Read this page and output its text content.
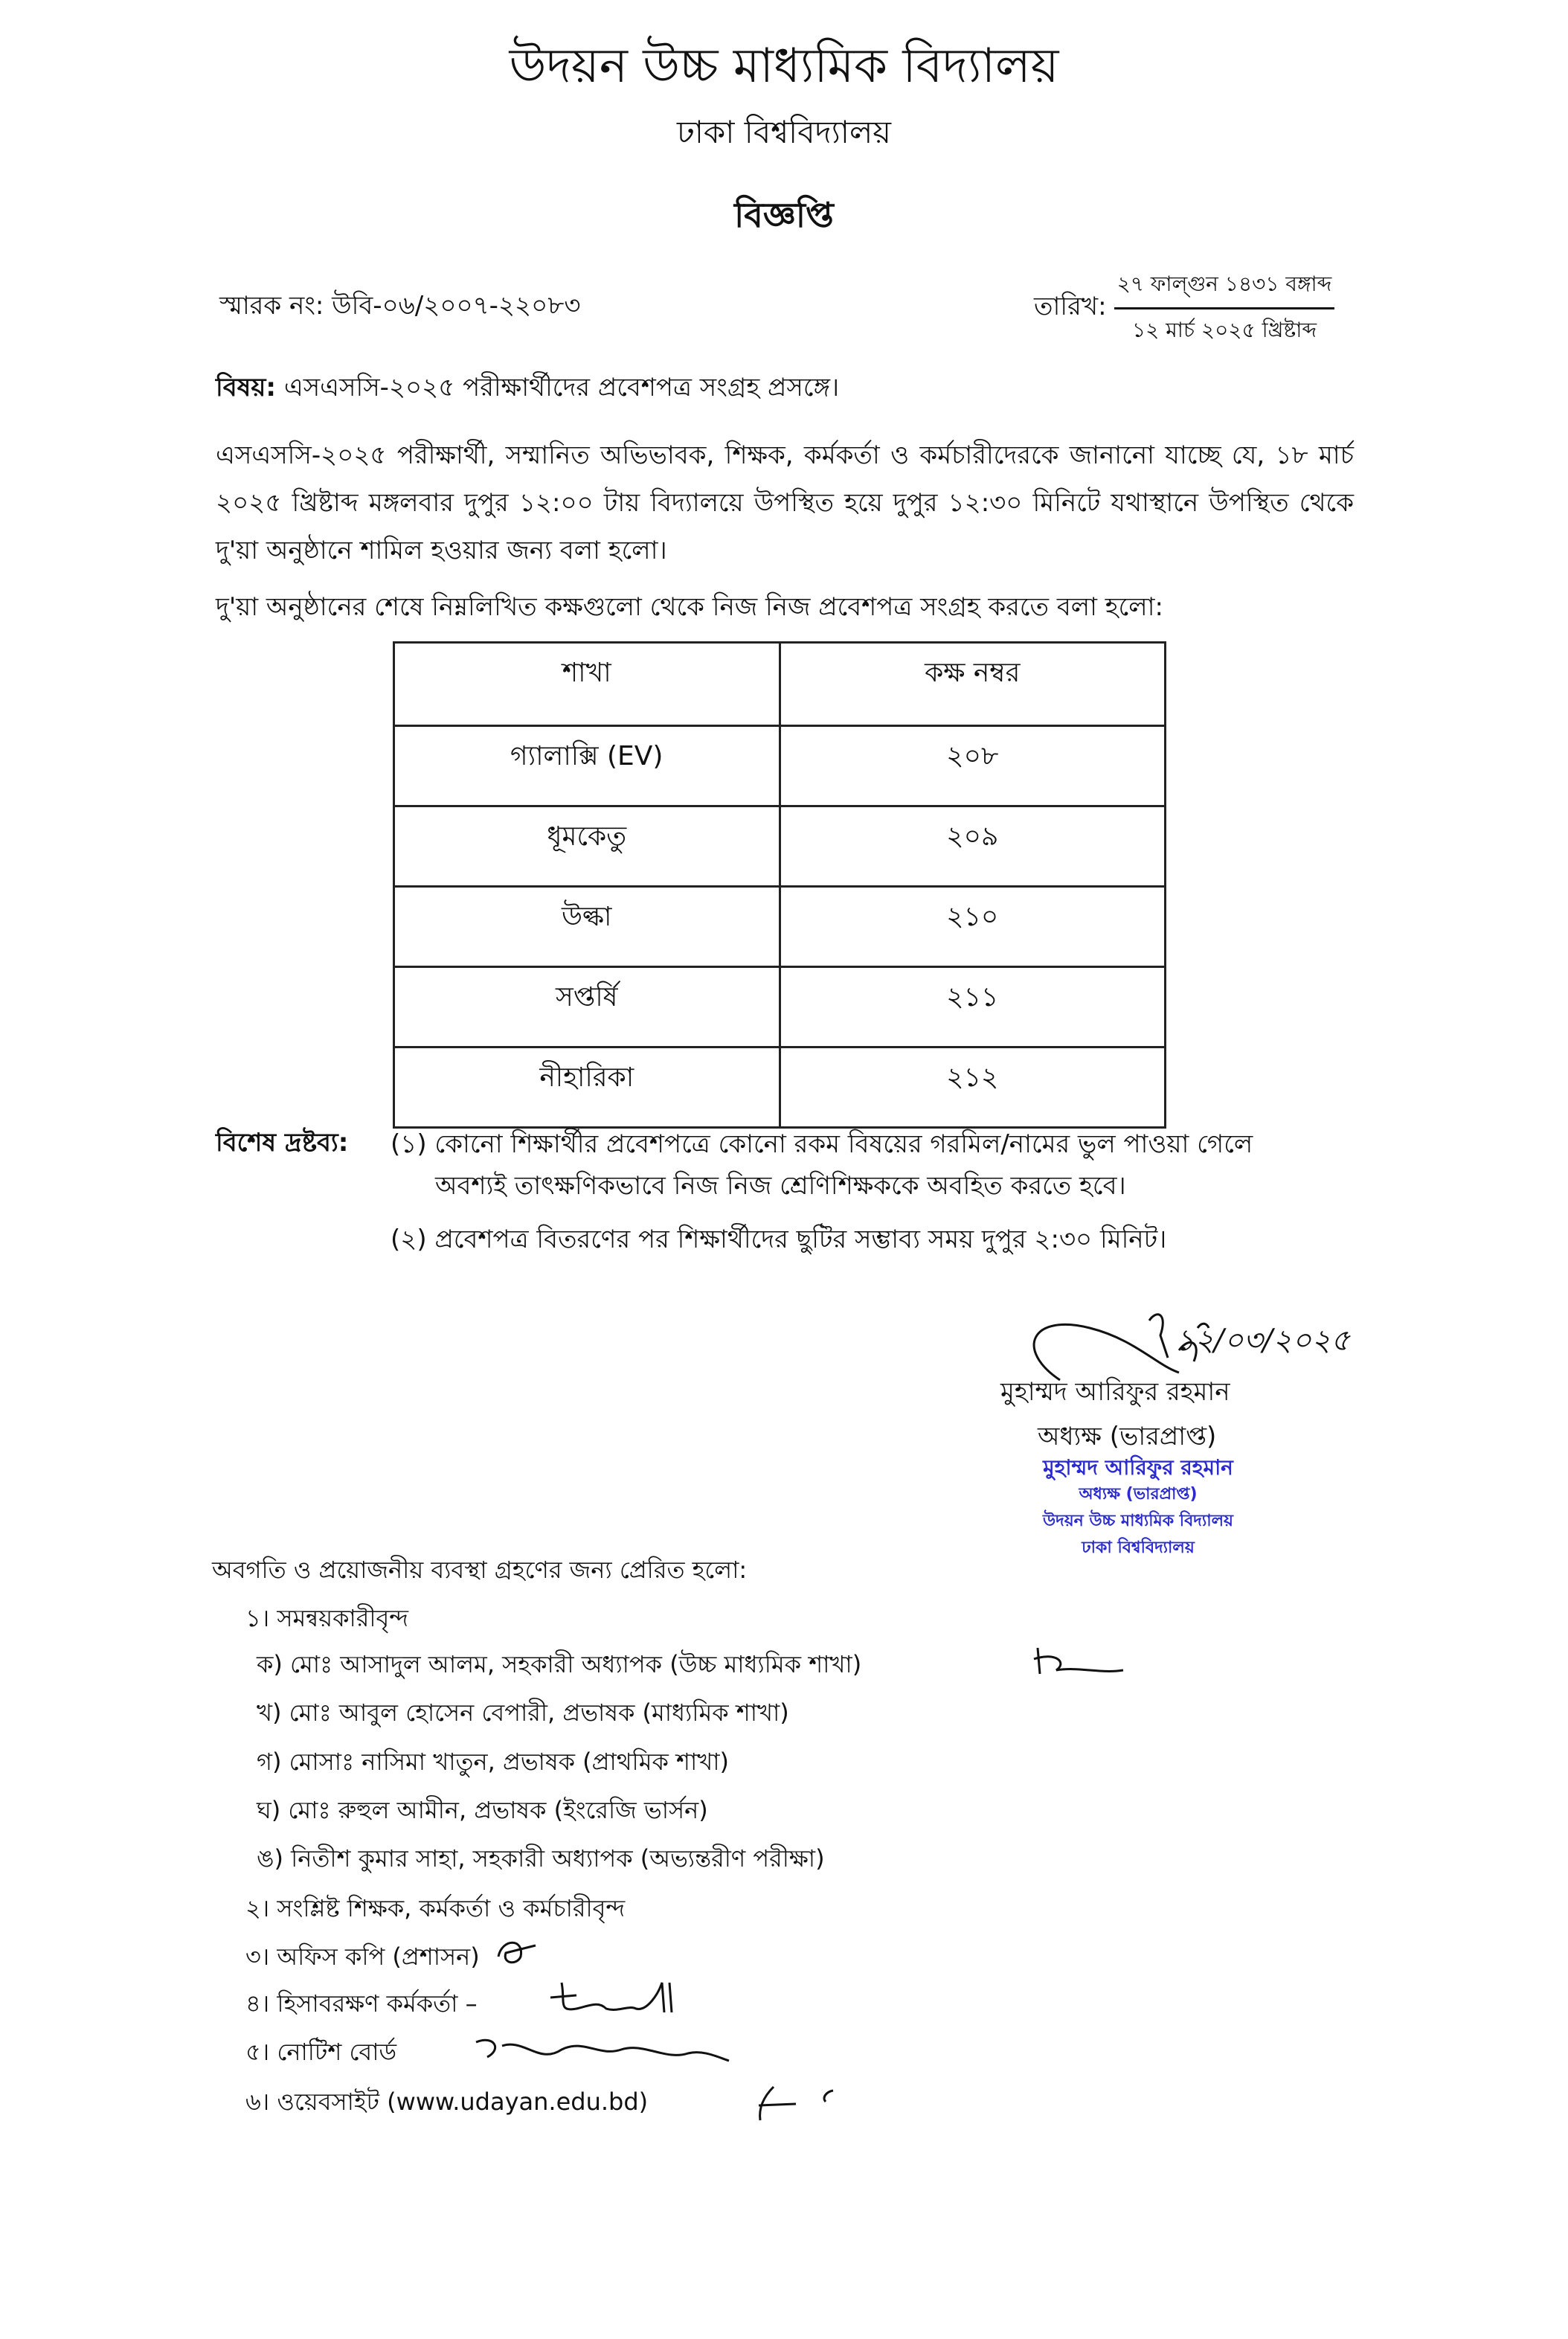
উদয়ন উচ্চ মাধ্যমিক বিদ্যালয়
ঢাকা বিশ্ববিদ্যালয়
বিজ্ঞপ্তি
স্মারক নং: উবি-০৬/২০০৭-২২০৮৩	তারিখ: $\frac{\text{২৭ ফাল্গুন ১৪৩১ বঙ্গাব্দ}}{\text{১২ মার্চ ২০২৫ খ্রিষ্টাব্দ}}$
বিষয়: এসএসসি-২০২৫ পরীক্ষার্থীদের প্রবেশপত্র সংগ্রহ প্রসঙ্গে।
এসএসসি-২০২৫ পরীক্ষার্থী, সম্মানিত অভিভাবক, শিক্ষক, কর্মকর্তা ও কর্মচারীদেরকে জানানো যাচ্ছে যে, ১৮ মার্চ ২০২৫ খ্রিষ্টাব্দ মঙ্গলবার দুপুর ১২:০০ টায় বিদ্যালয়ে উপস্থিত হয়ে দুপুর ১২:৩০ মিনিটে যথাস্থানে উপস্থিত থেকে দু'য়া অনুষ্ঠানে শামিল হওয়ার জন্য বলা হলো।
দু'য়া অনুষ্ঠানের শেষে নিম্নলিখিত কক্ষগুলো থেকে নিজ নিজ প্রবেশপত্র সংগ্রহ করতে বলা হলো:
শাখা	কক্ষ নম্বর
গ্যালাক্সি (EV)	২০৮
ধূমকেতু	২০৯
উল্কা	২১০
সপ্তর্ষি	২১১
নীহারিকা	২১২
বিশেষ দ্রষ্টব্য: (১) কোনো শিক্ষার্থীর প্রবেশপত্রে কোনো রকম বিষয়ের গরমিল/নামের ভুল পাওয়া গেলে
অবশ্যই তাৎক্ষণিকভাবে নিজ নিজ শ্রেণিশিক্ষককে অবহিত করতে হবে।
(২) প্রবেশপত্র বিতরণের পর শিক্ষার্থীদের ছুটির সম্ভাব্য সময় দুপুর ২:৩০ মিনিট।
১২/০৩/২০২৫
মুহাম্মদ আরিফুর রহমান
অধ্যক্ষ (ভারপ্রাপ্ত)
মুহাম্মদ আরিফুর রহমান
অধ্যক্ষ (ভারপ্রাপ্ত)
উদয়ন উচ্চ মাধ্যমিক বিদ্যালয়
ঢাকা বিশ্ববিদ্যালয়
অবগতি ও প্রয়োজনীয় ব্যবস্থা গ্রহণের জন্য প্রেরিত হলো:
১। সমন্বয়কারীবৃন্দ
ক) মোঃ আসাদুল আলম, সহকারী অধ্যাপক (উচ্চ মাধ্যমিক শাখা)
খ) মোঃ আবুল হোসেন বেপারী, প্রভাষক (মাধ্যমিক শাখা)
গ) মোসাঃ নাসিমা খাতুন, প্রভাষক (প্রাথমিক শাখা)
ঘ) মোঃ রুহুল আমীন, প্রভাষক (ইংরেজি ভার্সন)
ঙ) নিতীশ কুমার সাহা, সহকারী অধ্যাপক (অভ্যন্তরীণ পরীক্ষা)
২। সংশ্লিষ্ট শিক্ষক, কর্মকর্তা ও কর্মচারীবৃন্দ
৩। অফিস কপি (প্রশাসন)
৪। হিসাবরক্ষণ কর্মকর্তা –
৫। নোটিশ বোর্ড
৬। ওয়েবসাইট (www.udayan.edu.bd)
